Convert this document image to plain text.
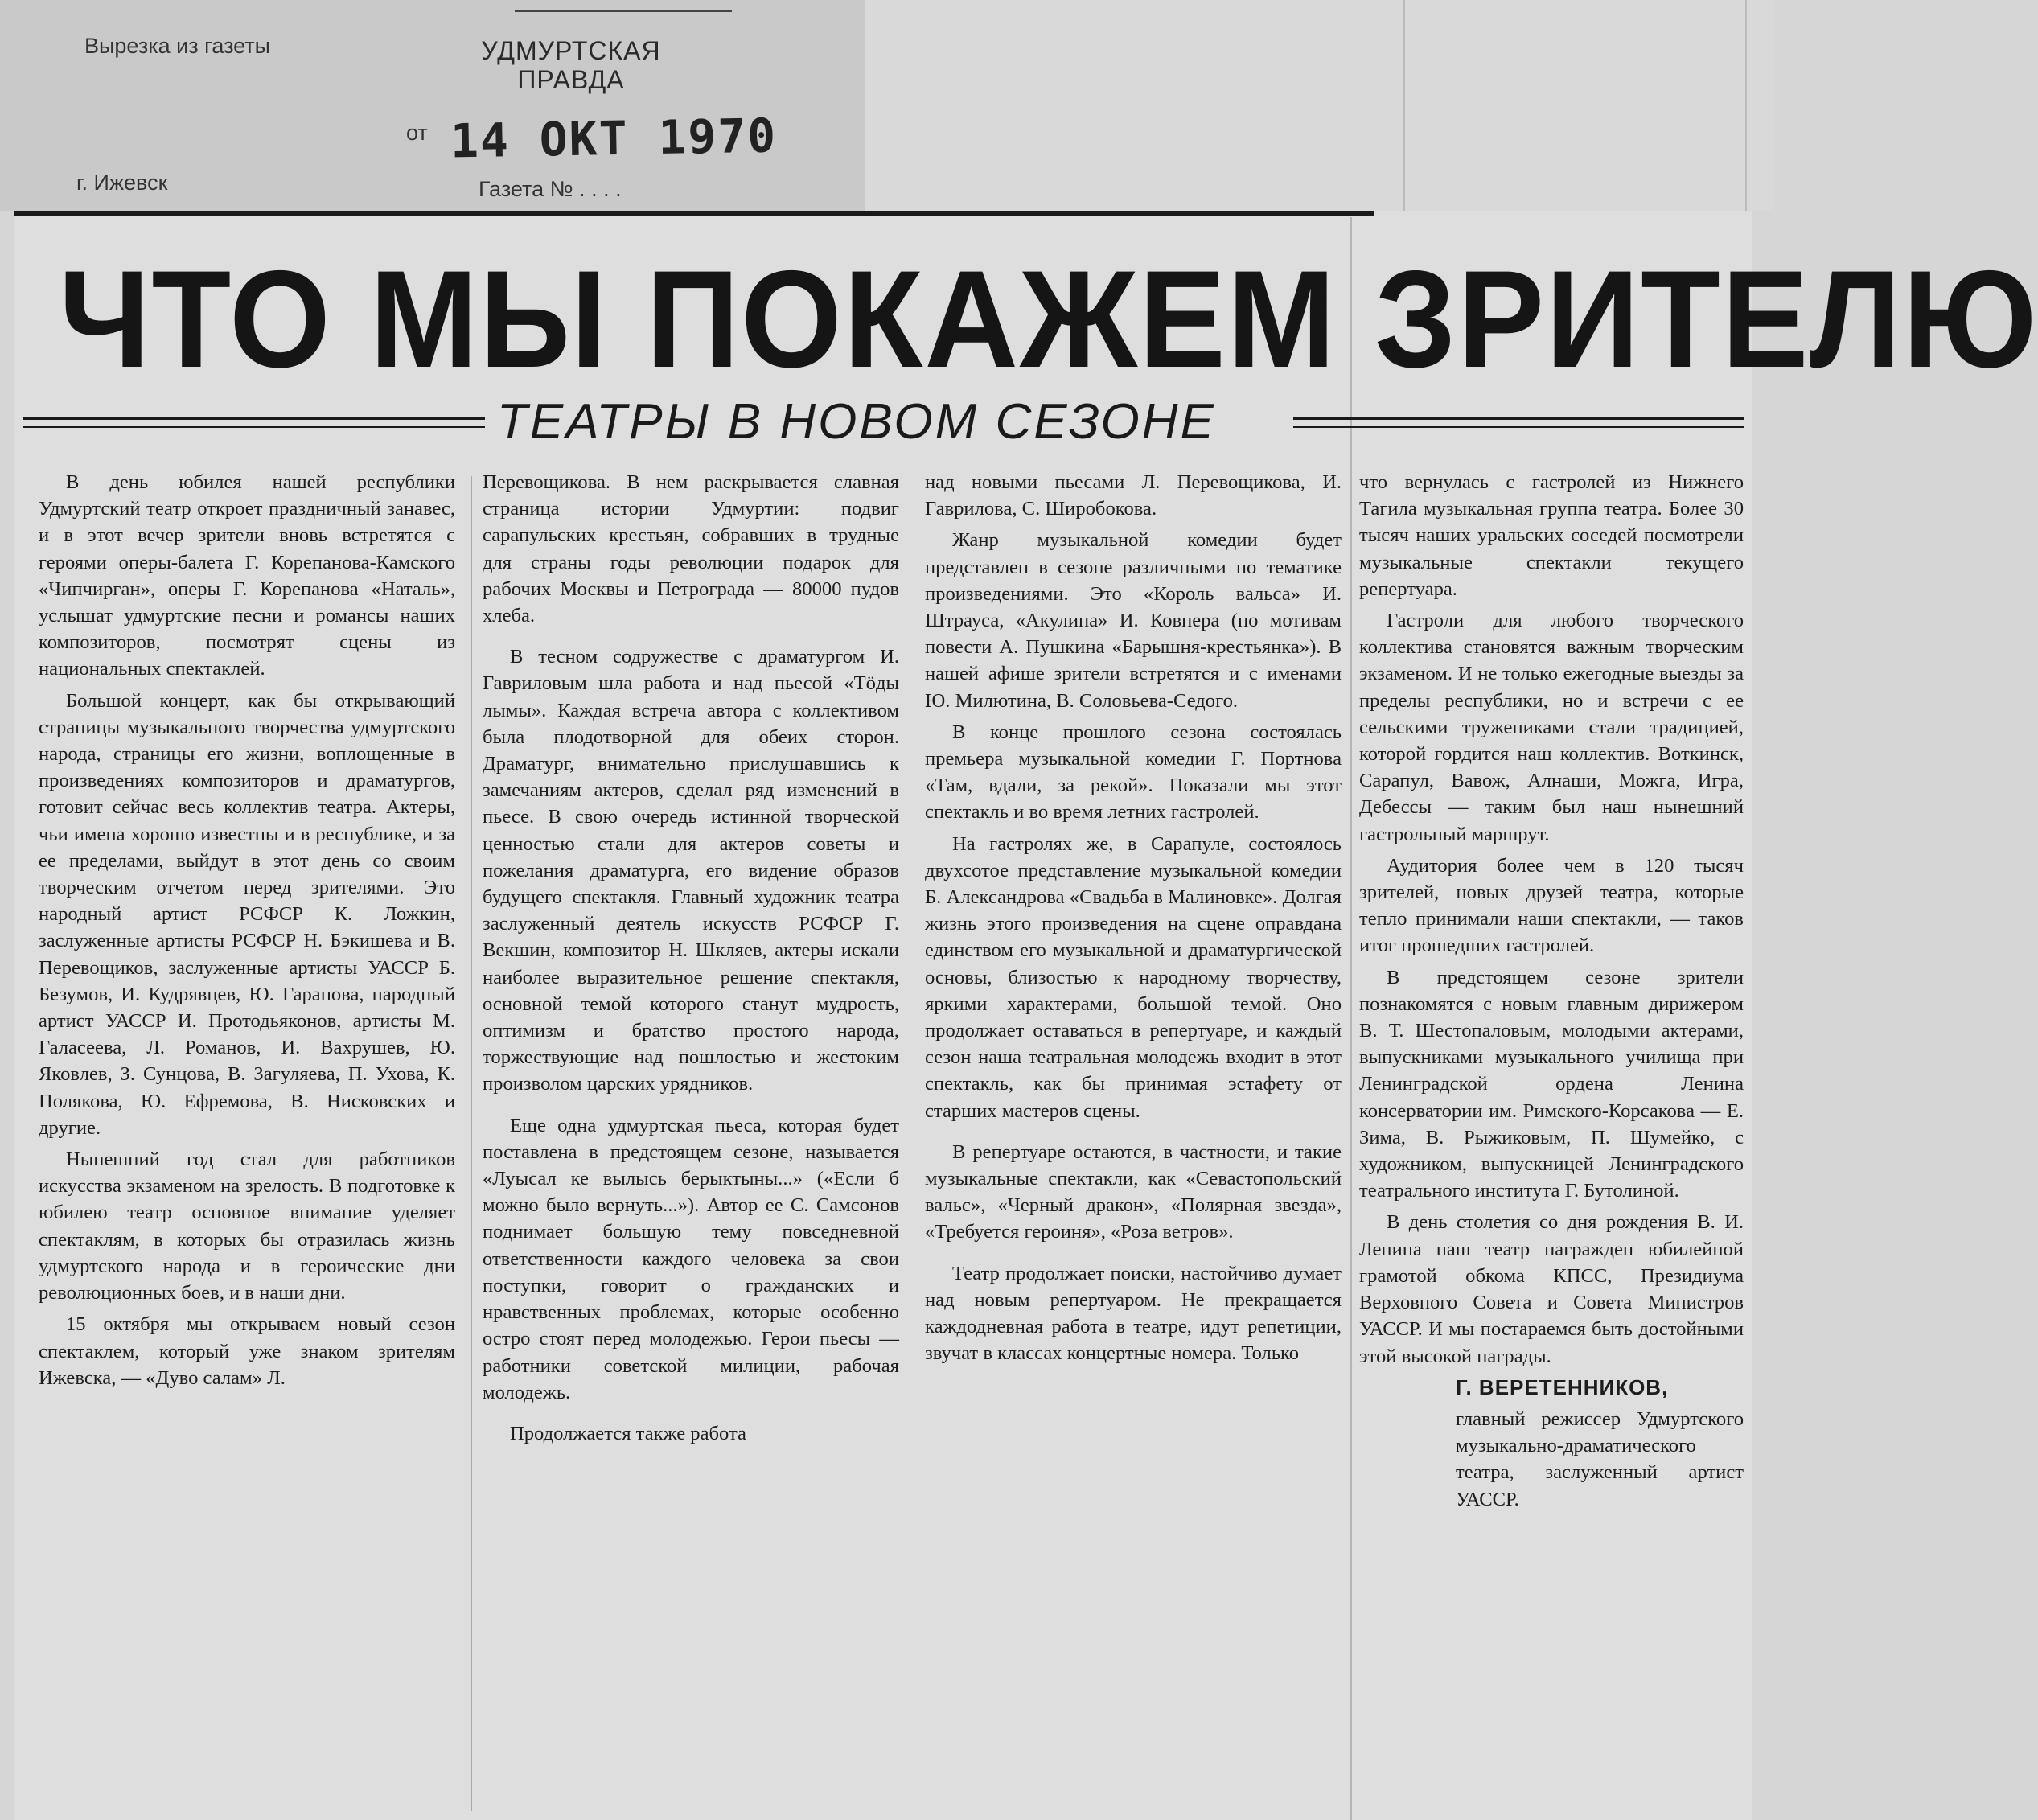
Вырезка из газеты	УДМУРТСКАЯ
ПРАВДА
от 14 ОКТ 1970
г. Ижевск	Газета № . . . .
ЧТО МЫ ПОКАЖЕМ ЗРИТЕЛЮ
ТЕАТРЫ В НОВОМ СЕЗОНЕ

В день юбилея нашей республики Удмуртский театр откроет праздничный занавес, и в этот вечер зрители вновь встретятся с героями оперы-балета Г. Корепанова-Камского «Чипчирган», оперы Г. Корепанова «Наталь», услышат удмуртские песни и романсы наших композиторов, посмотрят сцены из национальных спектаклей.

Большой концерт, как бы открывающий страницы музыкального творчества удмуртского народа, страницы его жизни, воплощенные в произведениях композиторов и драматургов, готовит сейчас весь коллектив театра. Актеры, чьи имена хорошо известны и в республике, и за ее пределами, выйдут в этот день со своим творческим отчетом перед зрителями. Это народный артист РСФСР К. Ложкин, заслуженные артисты РСФСР Н. Бэкишева и В. Перевощиков, заслуженные артисты УАССР Б. Безумов, И. Кудрявцев, Ю. Гаранова, народный артист УАССР И. Протодьяконов, артисты М. Галасеева, Л. Романов, И. Вахрушев, Ю. Яковлев, З. Сунцова, В. Загуляева, П. Ухова, К. Полякова, Ю. Ефремова, В. Нисковских и другие.

Нынешний год стал для работников искусства экзаменом на зрелость. В подготовке к юбилею театр основное внимание уделяет спектаклям, в которых бы отразилась жизнь удмуртского народа и в героические дни революционных боев, и в наши дни.

15 октября мы открываем новый сезон спектаклем, который уже знаком зрителям Ижевска, — «Дуво салам» Л.

Перевощикова. В нем раскрывается славная страница истории Удмуртии: подвиг сарапульских крестьян, собравших в трудные для страны годы революции подарок для рабочих Москвы и Петрограда — 80000 пудов хлеба.

В тесном содружестве с драматургом И. Гавриловым шла работа и над пьесой «Тӧды лымы». Каждая встреча автора с коллективом была плодотворной для обеих сторон. Драматург, внимательно прислушавшись к замечаниям актеров, сделал ряд изменений в пьесе. В свою очередь истинной творческой ценностью стали для актеров советы и пожелания драматурга, его видение образов будущего спектакля. Главный художник театра заслуженный деятель искусств РСФСР Г. Векшин, композитор Н. Шкляев, актеры искали наиболее выразительное решение спектакля, основной темой которого станут мудрость, оптимизм и братство простого народа, торжествующие над пошлостью и жестоким произволом царских урядников.

Еще одна удмуртская пьеса, которая будет поставлена в предстоящем сезоне, называется «Луысал ке вылысь берыктыны...» («Если б можно было вернуть...»). Автор ее С. Самсонов поднимает большую тему повседневной ответственности каждого человека за свои поступки, говорит о гражданских и нравственных проблемах, которые особенно остро стоят перед молодежью. Герои пьесы — работники советской милиции, рабочая молодежь.

Продолжается также работа

над новыми пьесами Л. Перевощикова, И. Гаврилова, С. Широбокова.

Жанр музыкальной комедии будет представлен в сезоне различными по тематике произведениями. Это «Король вальса» И. Штрауса, «Акулина» И. Ковнера (по мотивам повести А. Пушкина «Барышня-крестьянка»). В нашей афише зрители встретятся и с именами Ю. Милютина, В. Соловьева-Седого.

В конце прошлого сезона состоялась премьера музыкальной комедии Г. Портнова «Там, вдали, за рекой». Показали мы этот спектакль и во время летних гастролей.

На гастролях же, в Сарапуле, состоялось двухсотое представление музыкальной комедии Б. Александрова «Свадьба в Малиновке». Долгая жизнь этого произведения на сцене оправдана единством его музыкальной и драматургической основы, близостью к народному творчеству, яркими характерами, большой темой. Оно продолжает оставаться в репертуаре, и каждый сезон наша театральная молодежь входит в этот спектакль, как бы принимая эстафету от старших мастеров сцены.

В репертуаре остаются, в частности, и такие музыкальные спектакли, как «Севастопольский вальс», «Черный дракон», «Полярная звезда», «Требуется героиня», «Роза ветров».

Театр продолжает поиски, настойчиво думает над новым репертуаром. Не прекращается каждодневная работа в театре, идут репетиции, звучат в классах концертные номера. Только

что вернулась с гастролей из Нижнего Тагила музыкальная группа театра. Более 30 тысяч наших уральских соседей посмотрели музыкальные спектакли текущего репертуара.

Гастроли для любого творческого коллектива становятся важным творческим экзаменом. И не только ежегодные выезды за пределы республики, но и встречи с ее сельскими тружениками стали традицией, которой гордится наш коллектив. Воткинск, Сарапул, Вавож, Алнаши, Можга, Игра, Дебессы — таким был наш нынешний гастрольный маршрут.

Аудитория более чем в 120 тысяч зрителей, новых друзей театра, которые тепло принимали наши спектакли, — таков итог прошедших гастролей.

В предстоящем сезоне зрители познакомятся с новым главным дирижером В. Т. Шестопаловым, молодыми актерами, выпускниками музыкального училища при Ленинградской ордена Ленина консерватории им. Римского-Корсакова — Е. Зима, В. Рыжиковым, П. Шумейко, с художником, выпускницей Ленинградского театрального института Г. Бутолиной.

В день столетия со дня рождения В. И. Ленина наш театр награжден юбилейной грамотой обкома КПСС, Президиума Верховного Совета и Совета Министров УАССР. И мы постараемся быть достойными этой высокой награды.

Г. ВЕРЕТЕННИКОВ,

главный режиссер Удмуртского музыкально-драматического театра, заслуженный артист УАССР.
